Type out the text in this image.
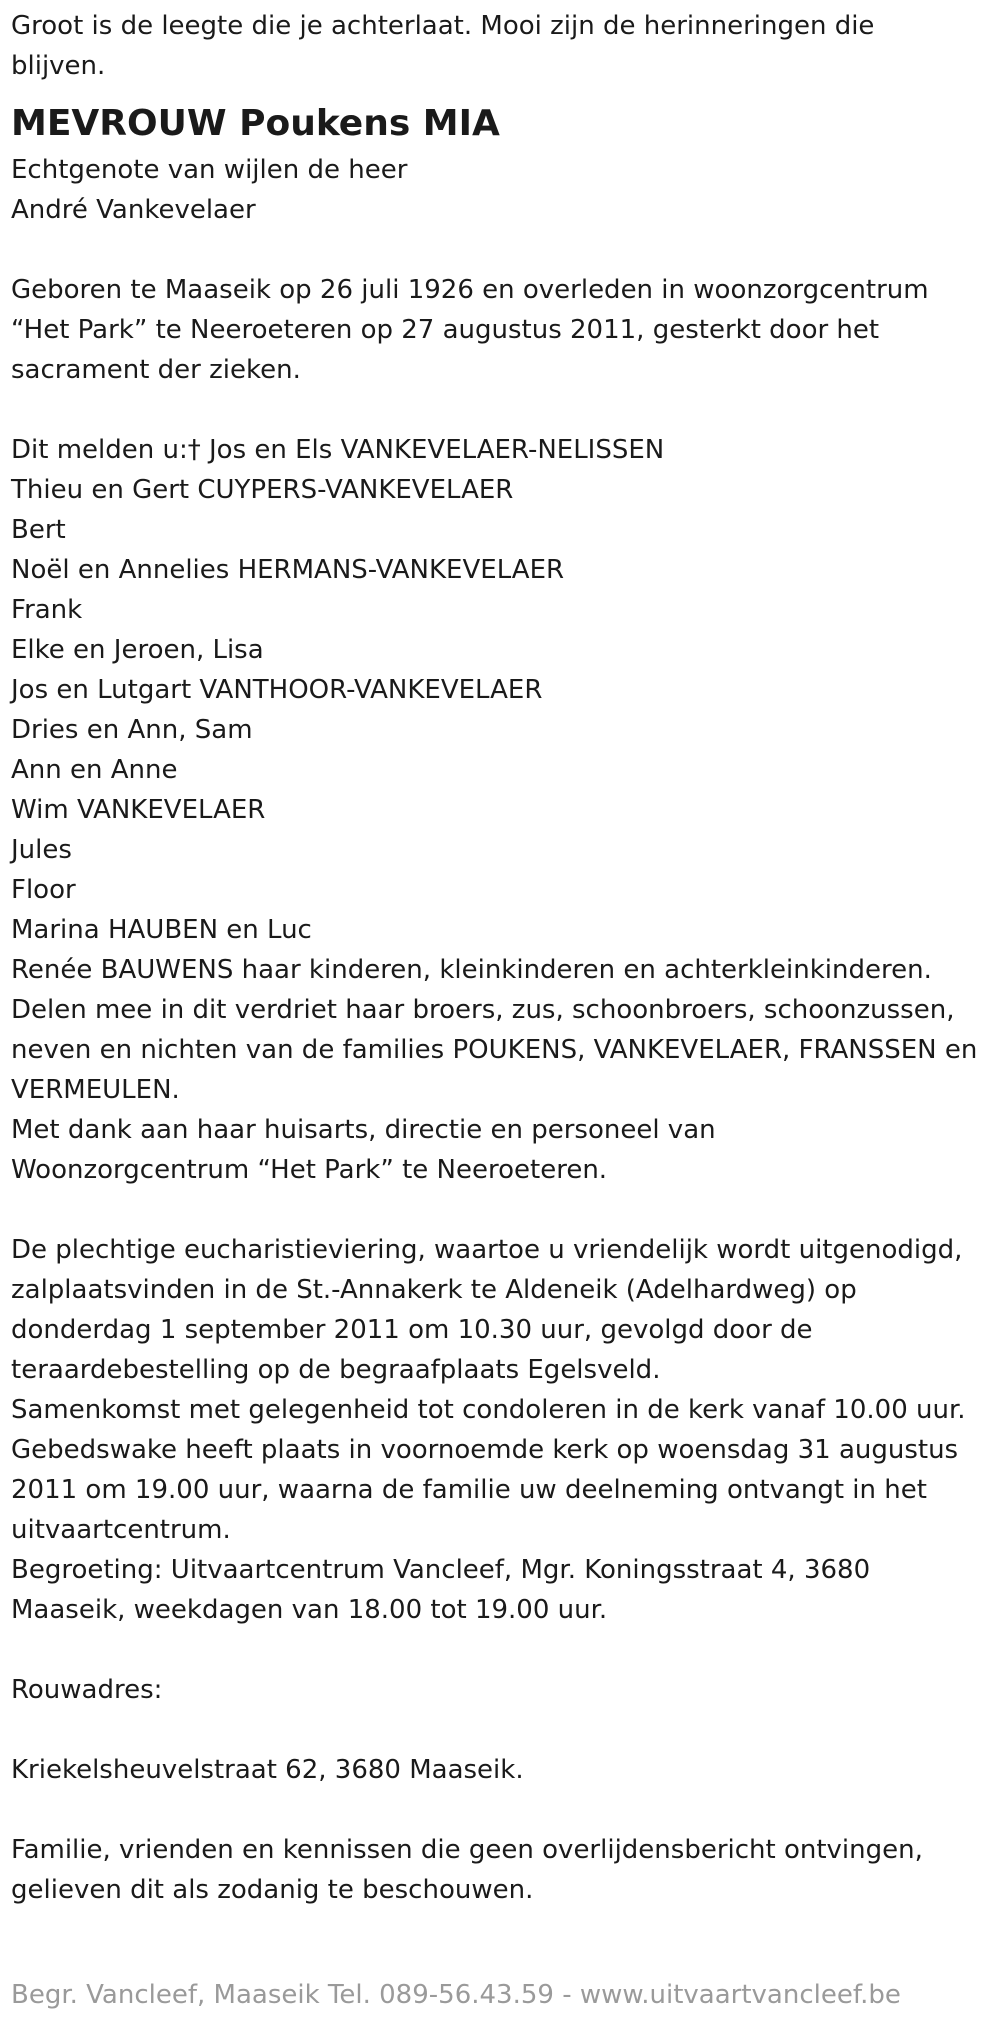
Groot is de leegte die je achterlaat. Mooi zijn de herinneringen die
blijven.
MEVROUW Poukens MIA
Echtgenote van wijlen de heer
André Vankevelaer
Geboren te Maaseik op 26 juli 1926 en overleden in woonzorgcentrum
“Het Park” te Neeroeteren op 27 augustus 2011, gesterkt door het
sacrament der zieken.
Dit melden u:† Jos en Els VANKEVELAER-NELISSEN
Thieu en Gert CUYPERS-VANKEVELAER
Bert
Noël en Annelies HERMANS-VANKEVELAER
Frank
Elke en Jeroen, Lisa
Jos en Lutgart VANTHOOR-VANKEVELAER
Dries en Ann, Sam
Ann en Anne
Wim VANKEVELAER
Jules
Floor
Marina HAUBEN en Luc
Renée BAUWENS haar kinderen, kleinkinderen en achterkleinkinderen.
Delen mee in dit verdriet haar broers, zus, schoonbroers, schoonzussen,
neven en nichten van de families POUKENS, VANKEVELAER, FRANSSEN en
VERMEULEN.
Met dank aan haar huisarts, directie en personeel van
Woonzorgcentrum “Het Park” te Neeroeteren.
De plechtige eucharistieviering, waartoe u vriendelijk wordt uitgenodigd,
zalplaatsvinden in de St.-Annakerk te Aldeneik (Adelhardweg) op
donderdag 1 september 2011 om 10.30 uur, gevolgd door de
teraardebestelling op de begraafplaats Egelsveld.
Samenkomst met gelegenheid tot condoleren in de kerk vanaf 10.00 uur.
Gebedswake heeft plaats in voornoemde kerk op woensdag 31 augustus
2011 om 19.00 uur, waarna de familie uw deelneming ontvangt in het
uitvaartcentrum.
Begroeting: Uitvaartcentrum Vancleef, Mgr. Koningsstraat 4, 3680
Maaseik, weekdagen van 18.00 tot 19.00 uur.
Rouwadres:
Kriekelsheuvelstraat 62, 3680 Maaseik.
Familie, vrienden en kennissen die geen overlijdensbericht ontvingen,
gelieven dit als zodanig te beschouwen.
Begr. Vancleef, Maaseik Tel. 089-56.43.59 - www.uitvaartvancleef.be
